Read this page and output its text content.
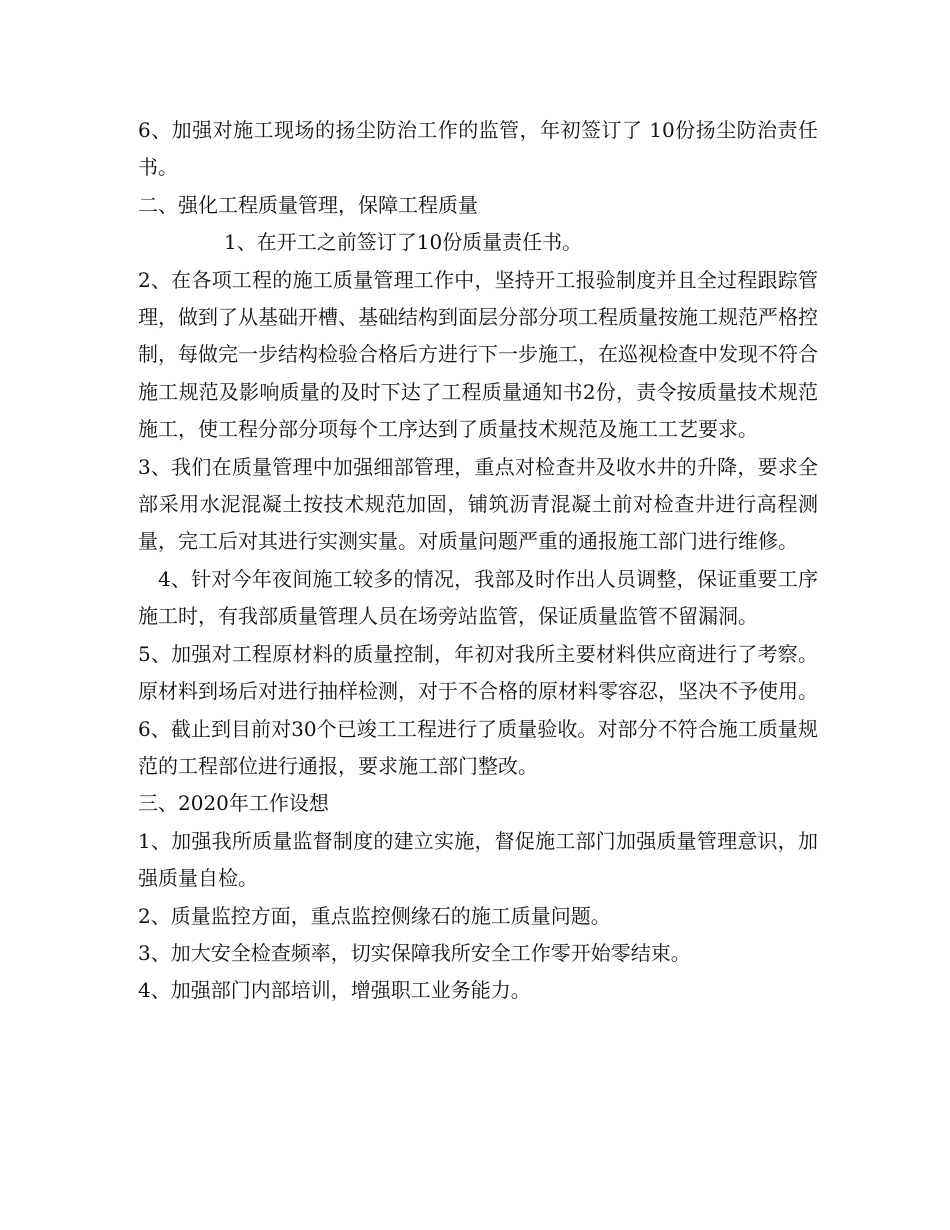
6、加强对施工现场的扬尘防治工作的监管，年初签订了 10份扬尘防治责任书。

二、强化工程质量管理，保障工程质量

1、在开工之前签订了10份质量责任书。

2、在各项工程的施工质量管理工作中，坚持开工报验制度并且全过程跟踪管理，做到了从基础开槽、基础结构到面层分部分项工程质量按施工规范严格控制，每做完一步结构检验合格后方进行下一步施工，在巡视检查中发现不符合施工规范及影响质量的及时下达了工程质量通知书2份，责令按质量技术规范施工，使工程分部分项每个工序达到了质量技术规范及施工工艺要求。

3、我们在质量管理中加强细部管理，重点对检查井及收水井的升降，要求全部采用水泥混凝土按技术规范加固，铺筑沥青混凝土前对检查井进行高程测量，完工后对其进行实测实量。对质量问题严重的通报施工部门进行维修。

4、针对今年夜间施工较多的情况，我部及时作出人员调整，保证重要工序施工时，有我部质量管理人员在场旁站监管，保证质量监管不留漏洞。

5、加强对工程原材料的质量控制，年初对我所主要材料供应商进行了考察。原材料到场后对进行抽样检测，对于不合格的原材料零容忍，坚决不予使用。

6、截止到目前对30个已竣工工程进行了质量验收。对部分不符合施工质量规范的工程部位进行通报，要求施工部门整改。

三、2020年工作设想

1、加强我所质量监督制度的建立实施，督促施工部门加强质量管理意识，加强质量自检。

2、质量监控方面，重点监控侧缘石的施工质量问题。

3、加大安全检查频率，切实保障我所安全工作零开始零结束。

4、加强部门内部培训，增强职工业务能力。
